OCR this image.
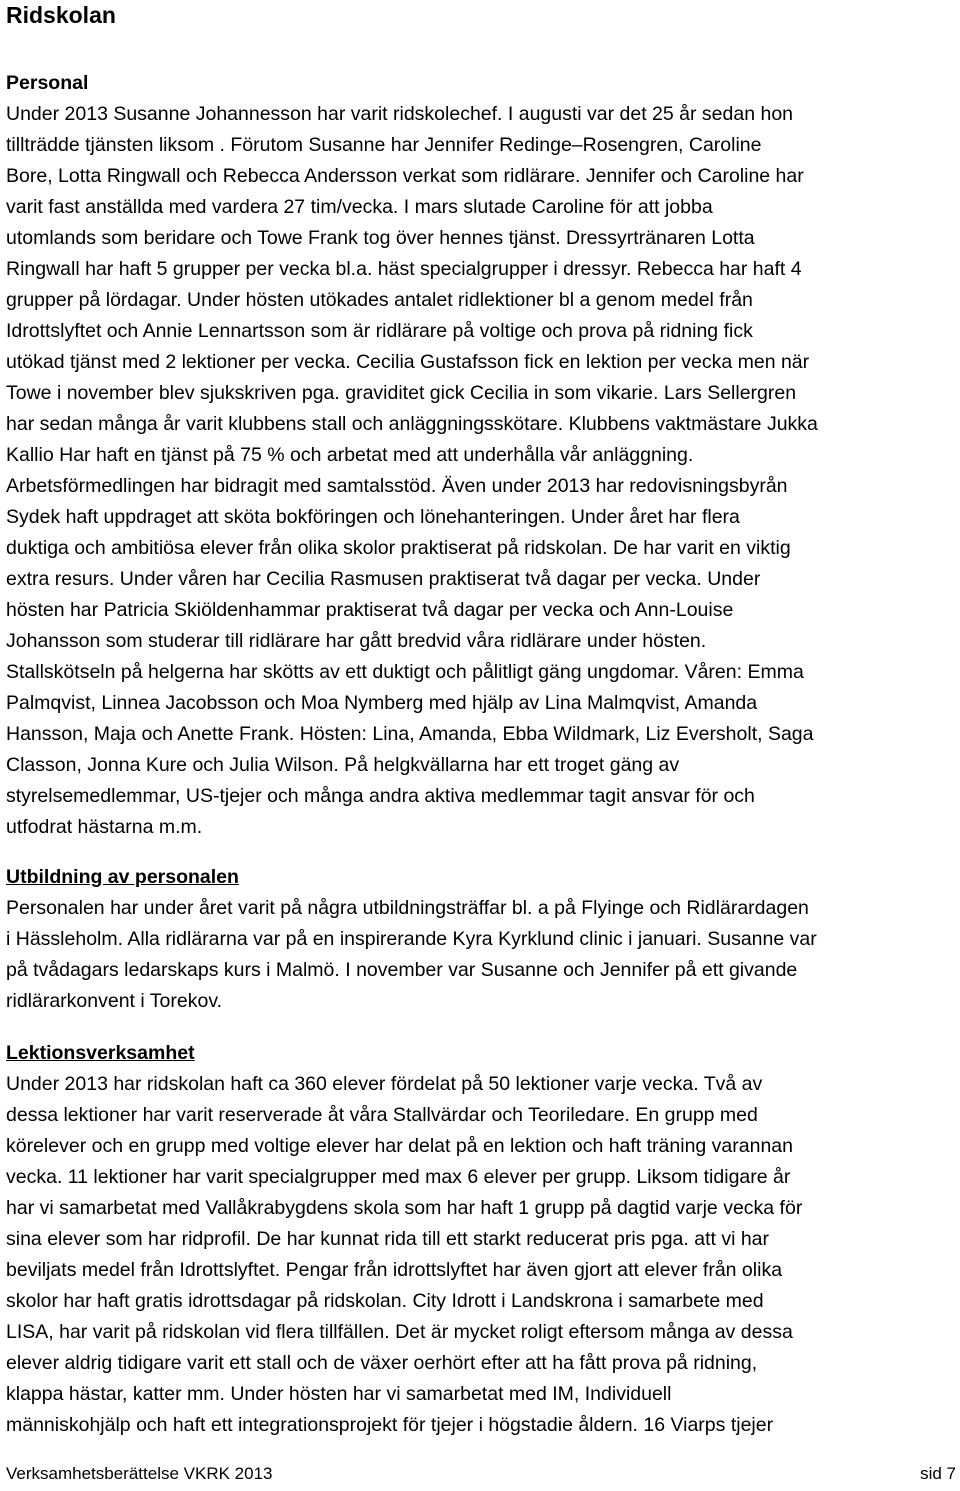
Ridskolan
Personal
Under 2013 Susanne Johannesson har varit ridskolechef. I augusti var det 25 år sedan hon
tillträdde tjänsten liksom . Förutom Susanne har Jennifer Redinge–Rosengren, Caroline
Bore, Lotta Ringwall och Rebecca Andersson verkat som ridlärare. Jennifer och Caroline har
varit fast anställda med vardera 27 tim/vecka. I mars slutade Caroline för att jobba
utomlands som beridare och Towe Frank tog över hennes tjänst. Dressyrtränaren Lotta
Ringwall har haft 5 grupper per vecka bl.a. häst specialgrupper i dressyr. Rebecca har haft 4
grupper på lördagar. Under hösten utökades antalet ridlektioner bl a genom medel från
Idrottslyftet och Annie Lennartsson som är ridlärare på voltige och prova på ridning fick
utökad tjänst med 2 lektioner per vecka. Cecilia Gustafsson fick en lektion per vecka men när
Towe i november blev sjukskriven pga. graviditet gick Cecilia in som vikarie. Lars Sellergren
har sedan många år varit klubbens stall och anläggningsskötare. Klubbens vaktmästare Jukka
Kallio Har haft en tjänst på 75 % och arbetat med att underhålla vår anläggning.
Arbetsförmedlingen har bidragit med samtalsstöd. Även under 2013 har redovisningsbyrån
Sydek haft uppdraget att sköta bokföringen och lönehanteringen. Under året har flera
duktiga och ambitiösa elever från olika skolor praktiserat på ridskolan. De har varit en viktig
extra resurs. Under våren har Cecilia Rasmusen praktiserat två dagar per vecka. Under
hösten har Patricia Skiöldenhammar praktiserat två dagar per vecka och Ann-Louise
Johansson som studerar till ridlärare har gått bredvid våra ridlärare under hösten.
Stallskötseln på helgerna har skötts av ett duktigt och pålitligt gäng ungdomar. Våren: Emma
Palmqvist, Linnea Jacobsson och Moa Nymberg med hjälp av Lina Malmqvist, Amanda
Hansson, Maja och Anette Frank. Hösten: Lina, Amanda, Ebba Wildmark, Liz Eversholt, Saga
Classon, Jonna Kure och Julia Wilson. På helgkvällarna har ett troget gäng av
styrelsemedlemmar, US-tjejer och många andra aktiva medlemmar tagit ansvar för och
utfodrat hästarna m.m.
Utbildning av personalen
Personalen har under året varit på några utbildningsträffar bl. a på Flyinge och Ridlärardagen
i Hässleholm. Alla ridlärarna var på en inspirerande Kyra Kyrklund clinic i januari. Susanne var
på tvådagars ledarskaps kurs i Malmö. I november var Susanne och Jennifer på ett givande
ridlärarkonvent i Torekov.
Lektionsverksamhet
Under 2013 har ridskolan haft ca 360 elever fördelat på 50 lektioner varje vecka. Två av
dessa lektioner har varit reserverade åt våra Stallvärdar och Teoriledare. En grupp med
körelever och en grupp med voltige elever har delat på en lektion och haft träning varannan
vecka. 11 lektioner har varit specialgrupper med max 6 elever per grupp. Liksom tidigare år
har vi samarbetat med Vallåkrabygdens skola som har haft 1 grupp på dagtid varje vecka för
sina elever som har ridprofil. De har kunnat rida till ett starkt reducerat pris pga. att vi har
beviljats medel från Idrottslyftet. Pengar från idrottslyftet har även gjort att elever från olika
skolor har haft gratis idrottsdagar på ridskolan. City Idrott i Landskrona i samarbete med
LISA, har varit på ridskolan vid flera tillfällen. Det är mycket roligt eftersom många av dessa
elever aldrig tidigare varit ett stall och de växer oerhört efter att ha fått prova på ridning,
klappa hästar, katter mm. Under hösten har vi samarbetat med IM, Individuell
människohjälp och haft ett integrationsprojekt för tjejer i högstadie åldern. 16 Viarps tjejer
Verksamhetsberättelse VKRK 2013	sid 7
